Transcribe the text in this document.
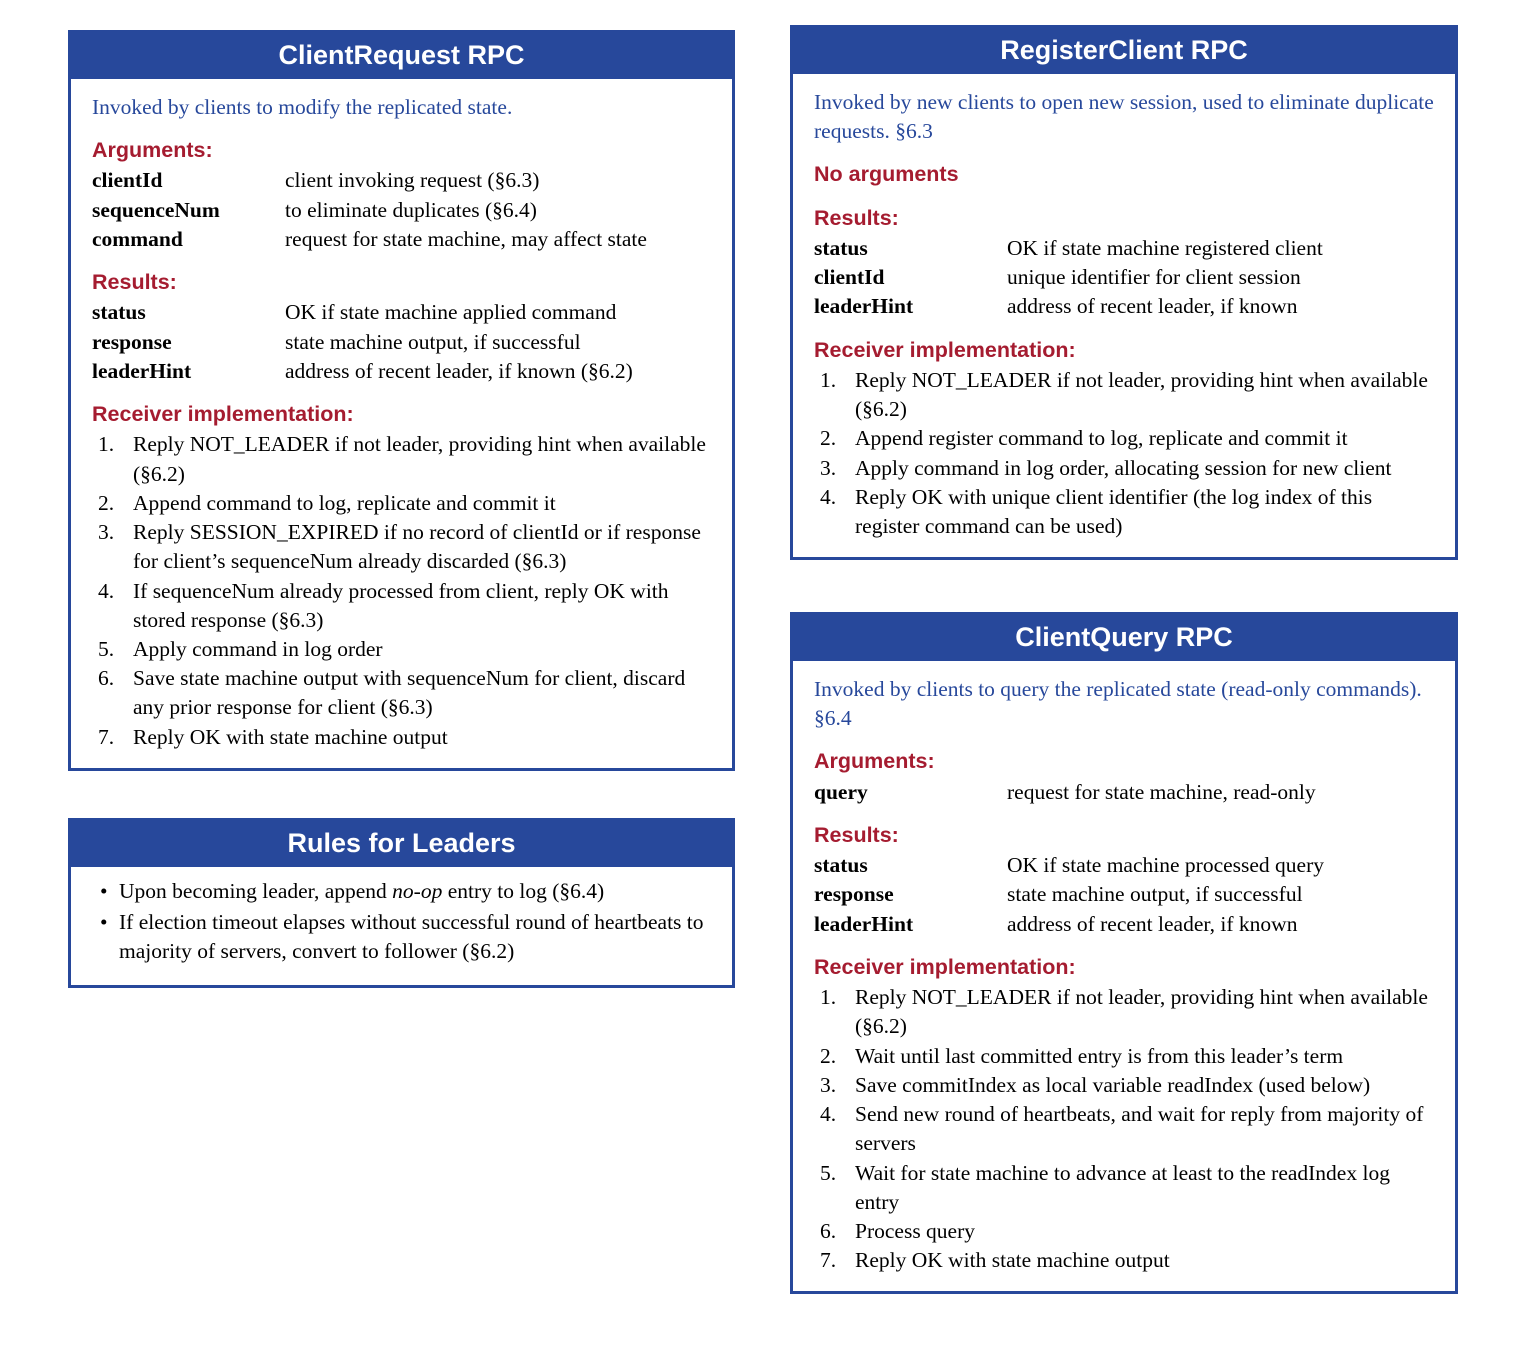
ClientRequest RPC
Invoked by clients to modify the replicated state.
Arguments:
clientId	client invoking request (§6.3)
sequenceNum	to eliminate duplicates (§6.4)
command	request for state machine, may affect state
Results:
status	OK if state machine applied command
response	state machine output, if successful
leaderHint	address of recent leader, if known (§6.2)
Receiver implementation:
1. Reply NOT_LEADER if not leader, providing hint when available (§6.2)
2. Append command to log, replicate and commit it
3. Reply SESSION_EXPIRED if no record of clientId or if response for client’s sequenceNum already discarded (§6.3)
4. If sequenceNum already processed from client, reply OK with stored response (§6.3)
5. Apply command in log order
6. Save state machine output with sequenceNum for client, discard any prior response for client (§6.3)
7. Reply OK with state machine output
Rules for Leaders
• Upon becoming leader, append no-op entry to log (§6.4)
• If election timeout elapses without successful round of heartbeats to majority of servers, convert to follower (§6.2)
RegisterClient RPC
Invoked by new clients to open new session, used to eliminate duplicate requests. §6.3
No arguments
Results:
status	OK if state machine registered client
clientId	unique identifier for client session
leaderHint	address of recent leader, if known
Receiver implementation:
1. Reply NOT_LEADER if not leader, providing hint when available (§6.2)
2. Append register command to log, replicate and commit it
3. Apply command in log order, allocating session for new client
4. Reply OK with unique client identifier (the log index of this register command can be used)
ClientQuery RPC
Invoked by clients to query the replicated state (read-only commands). §6.4
Arguments:
query	request for state machine, read-only
Results:
status	OK if state machine processed query
response	state machine output, if successful
leaderHint	address of recent leader, if known
Receiver implementation:
1. Reply NOT_LEADER if not leader, providing hint when available (§6.2)
2. Wait until last committed entry is from this leader’s term
3. Save commitIndex as local variable readIndex (used below)
4. Send new round of heartbeats, and wait for reply from majority of servers
5. Wait for state machine to advance at least to the readIndex log entry
6. Process query
7. Reply OK with state machine output
